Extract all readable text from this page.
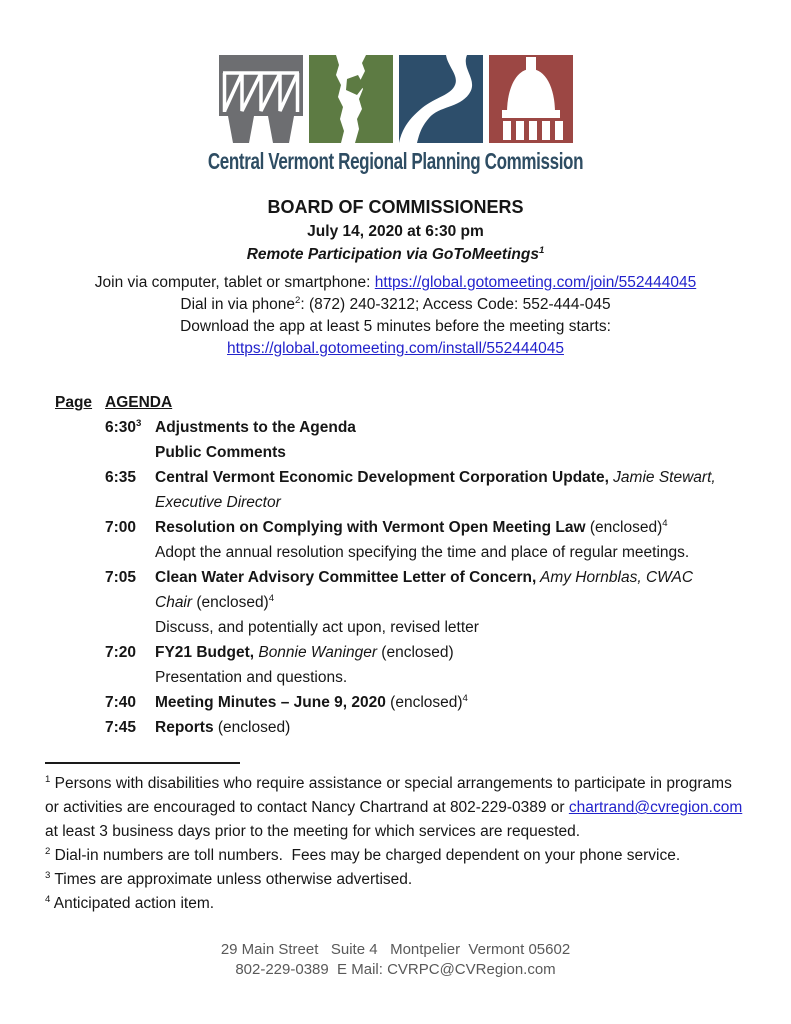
Central Vermont Regional Planning Commission
BOARD OF COMMISSIONERS
July 14, 2020 at 6:30 pm
Remote Participation via GoToMeetings$^1$
Join via computer, tablet or smartphone: https://global.gotomeeting.com/join/552444045
Dial in via phone$^2$: (872) 240-3212; Access Code: 552-444-045
Download the app at least 5 minutes before the meeting starts:
https://global.gotomeeting.com/install/552444045
Page AGENDA
$6:30^3$ Adjustments to the Agenda
Public Comments
6:35	Central Vermont Economic Development Corporation Update, Jamie Stewart,
Executive Director
7:00	Resolution on Complying with Vermont Open Meeting Law (enclosed)$^4$
Adopt the annual resolution specifying the time and place of regular meetings.
7:05	Clean Water Advisory Committee Letter of Concern, Amy Hornblas, CWAC
Chair (enclosed)$^4$
Discuss, and potentially act upon, revised letter
7:20	FY21 Budget, Bonnie Waninger (enclosed)
Presentation and questions.
7:40	Meeting Minutes – June 9, 2020 (enclosed)$^4$
7:45	Reports (enclosed)
$^1$ Persons with disabilities who require assistance or special arrangements to participate in programs or activities are encouraged to contact Nancy Chartrand at 802-229-0389 or chartrand@cvregion.com at least 3 business days prior to the meeting for which services are requested.
$^2$ Dial-in numbers are toll numbers.  Fees may be charged dependent on your phone service.
$^3$ Times are approximate unless otherwise advertised.
$^4$ Anticipated action item.
29 Main Street   Suite 4   Montpelier  Vermont 05602
802-229-0389  E Mail: CVRPC@CVRegion.com
